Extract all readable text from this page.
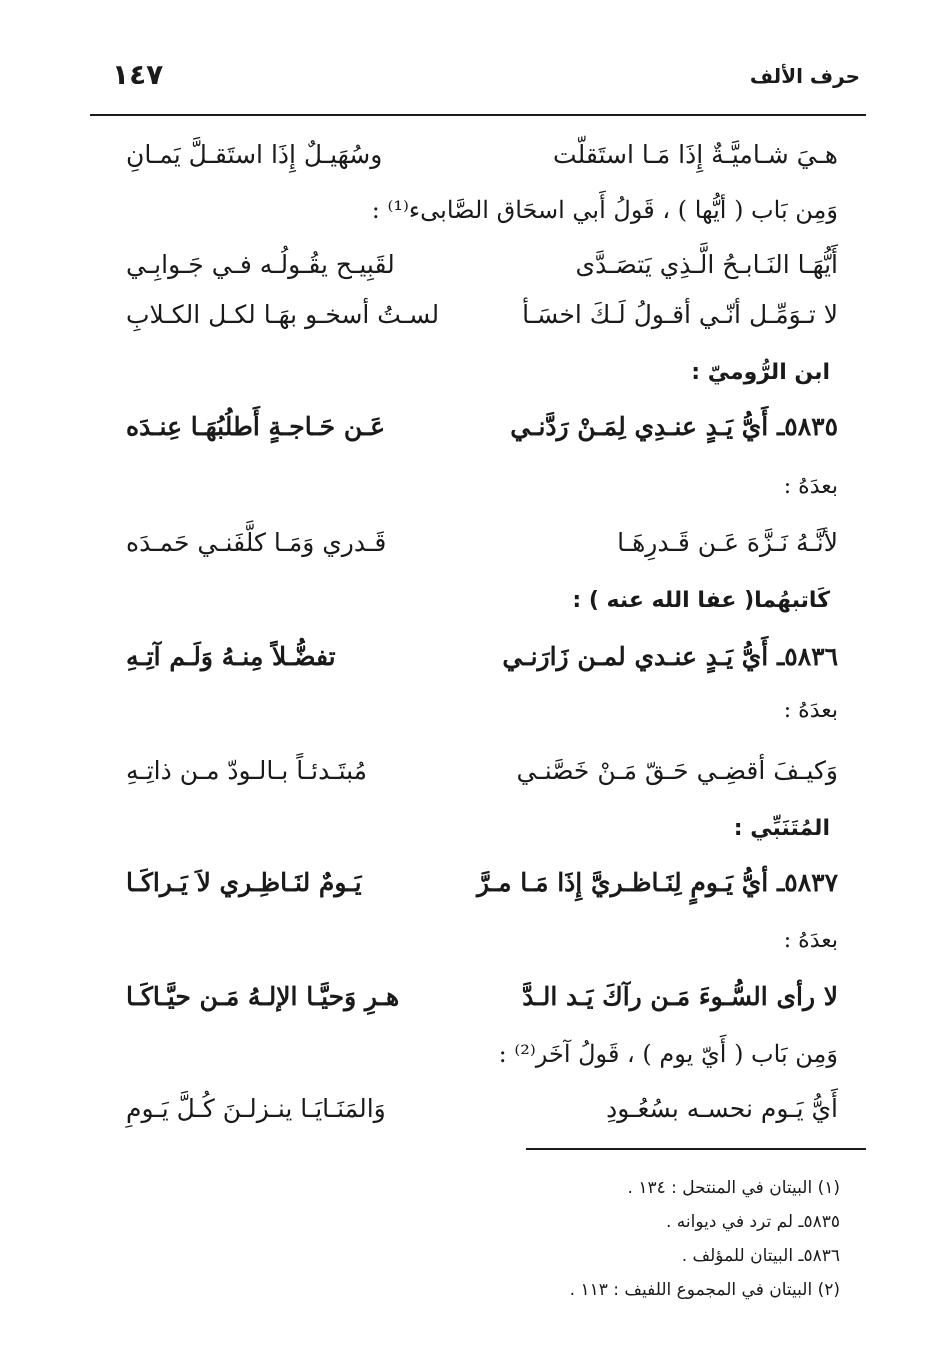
حرف الألف
١٤٧
هـيَ شـاميَّـةٌ إِذَا مَـا استَقلّت
وسُهَيـلٌ إِذَا استَقـلَّ يَمـانِ
وَمِن بَاب ( أيُّها ) ، قَولُ أَبي اسحَاق الصَّابىء⁽¹⁾ :
أَيُّهَـا النَـابـحُ الَّـذِي يَتصَـدَّى
لقَبِيـح يقُـولُـه فـي جَـوابِـي
لا تـوَمِّـل أنّـي أقـولُ لَـكَ اخسَـأ
لسـتُ أسخـو بهَـا لكـل الكـلابِ
ابن الرُّوميّ :
٥٨٣٥ـ أَيُّ يَـدٍ عنـدِي لِمَـنْ رَدَّنـي
عَـن حَـاجـةٍ أَطلُبُهَـا عِنـدَه
بعدَهُ :
لأنَّـهُ نَـزَّهَ عَـن قَـدرِهَـا
قَـدري وَمَـا كلَّفَنـي حَمـدَه
كَاتبهُما( عفا الله عنه ) :
٥٨٣٦ـ أَيُّ يَـدٍ عنـدي لمـن زَارَنـي
تفضُّـلاً مِنـهُ وَلَـم آتِـهِ
بعدَهُ :
وَكيـفَ أقضِـي حَـقّ مَـنْ خَصَّنـي
مُبتَـدئـاً بـالـودّ مـن ذاتِـهِ
المُتَنَبِّي :
٥٨٣٧ـ أيُّ يَـومٍ لِنَـاظـريَّ إِذَا مَـا مـرَّ
يَـومٌ لنَـاظِـري لاَ يَـراكَـا
بعدَهُ :
لا رأى السُّـوءَ مَـن رآكَ يَـد الـدَّ
هـرِ وَحيَّـا الإلـهُ مَـن حيَّـاكَـا
وَمِن بَاب ( أَيّ يوم ) ، قَولُ آخَر⁽²⁾ :
أَيُّ يَـوم نحسـه بسُعُـودِ
وَالمَنَـايَـا ينـزلـنَ كُـلَّ يَـومِ
(١) البيتان في المنتحل : ١٣٤ .
٥٨٣٥ـ لم ترد في ديوانه .
٥٨٣٦ـ البيتان للمؤلف .
(٢) البيتان في المجموع اللفيف : ١١٣ .
